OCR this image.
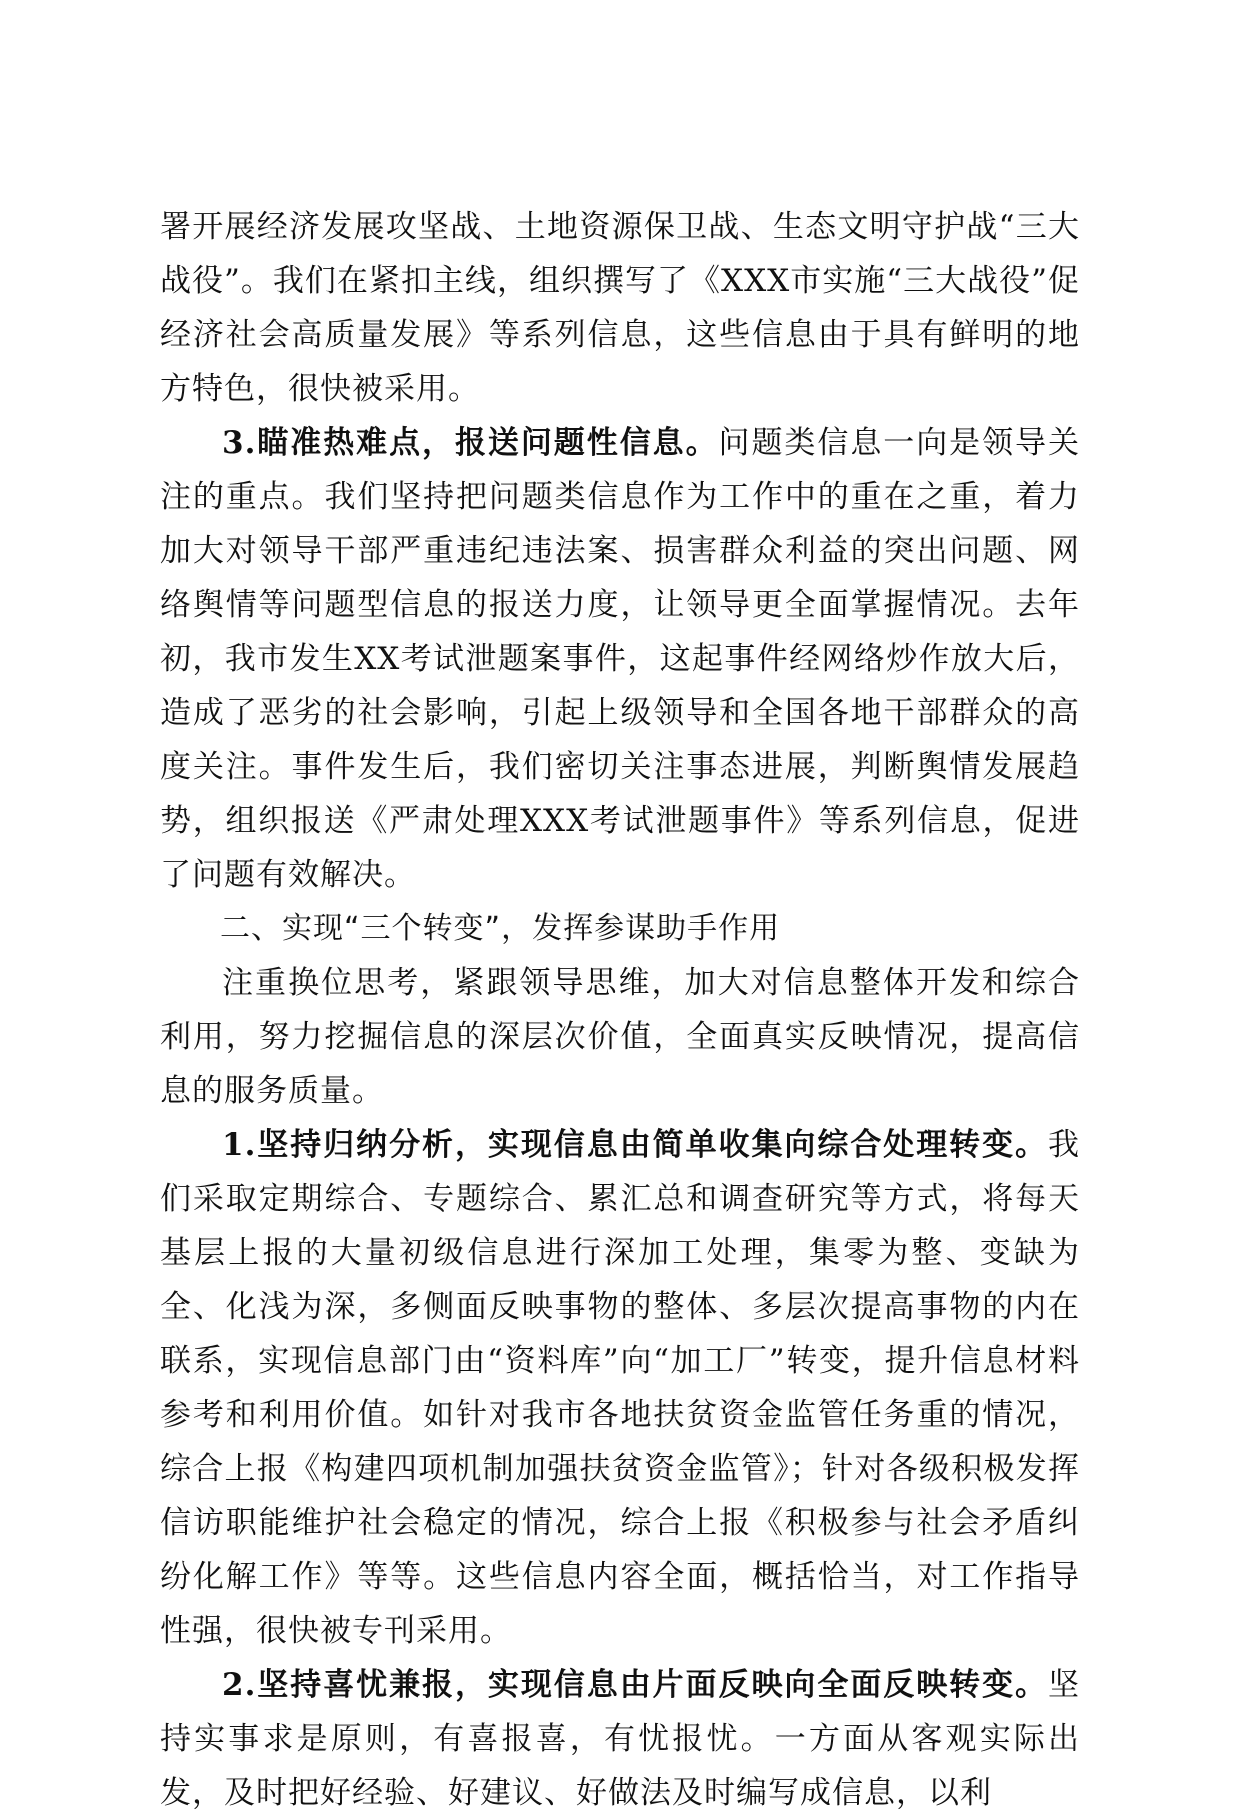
署开展经济发展攻坚战、土地资源保卫战、生态文明守护战“三大战役”。我们在紧扣主线，组织撰写了《XXX市实施“三大战役”促经济社会高质量发展》等系列信息，这些信息由于具有鲜明的地方特色，很快被采用。

3.瞄准热难点，报送问题性信息。问题类信息一向是领导关注的重点。我们坚持把问题类信息作为工作中的重在之重，着力加大对领导干部严重违纪违法案、损害群众利益的突出问题、网络舆情等问题型信息的报送力度，让领导更全面掌握情况。去年初，我市发生XX考试泄题案事件，这起事件经网络炒作放大后，造成了恶劣的社会影响，引起上级领导和全国各地干部群众的高度关注。事件发生后，我们密切关注事态进展，判断舆情发展趋势，组织报送《严肃处理XXX考试泄题事件》等系列信息，促进了问题有效解决。

二、实现“三个转变”，发挥参谋助手作用

注重换位思考，紧跟领导思维，加大对信息整体开发和综合利用，努力挖掘信息的深层次价值，全面真实反映情况，提高信息的服务质量。

1.坚持归纳分析，实现信息由简单收集向综合处理转变。我们采取定期综合、专题综合、累汇总和调查研究等方式，将每天基层上报的大量初级信息进行深加工处理，集零为整、变缺为全、化浅为深，多侧面反映事物的整体、多层次提高事物的内在联系，实现信息部门由“资料库”向“加工厂”转变，提升信息材料参考和利用价值。如针对我市各地扶贫资金监管任务重的情况，综合上报《构建四项机制加强扶贫资金监管》；针对各级积极发挥信访职能维护社会稳定的情况，综合上报《积极参与社会矛盾纠纷化解工作》等等。这些信息内容全面，概括恰当，对工作指导性强，很快被专刊采用。

2.坚持喜忧兼报，实现信息由片面反映向全面反映转变。坚持实事求是原则，有喜报喜，有忧报忧。一方面从客观实际出发，及时把好经验、好建议、好做法及时编写成信息，以利
